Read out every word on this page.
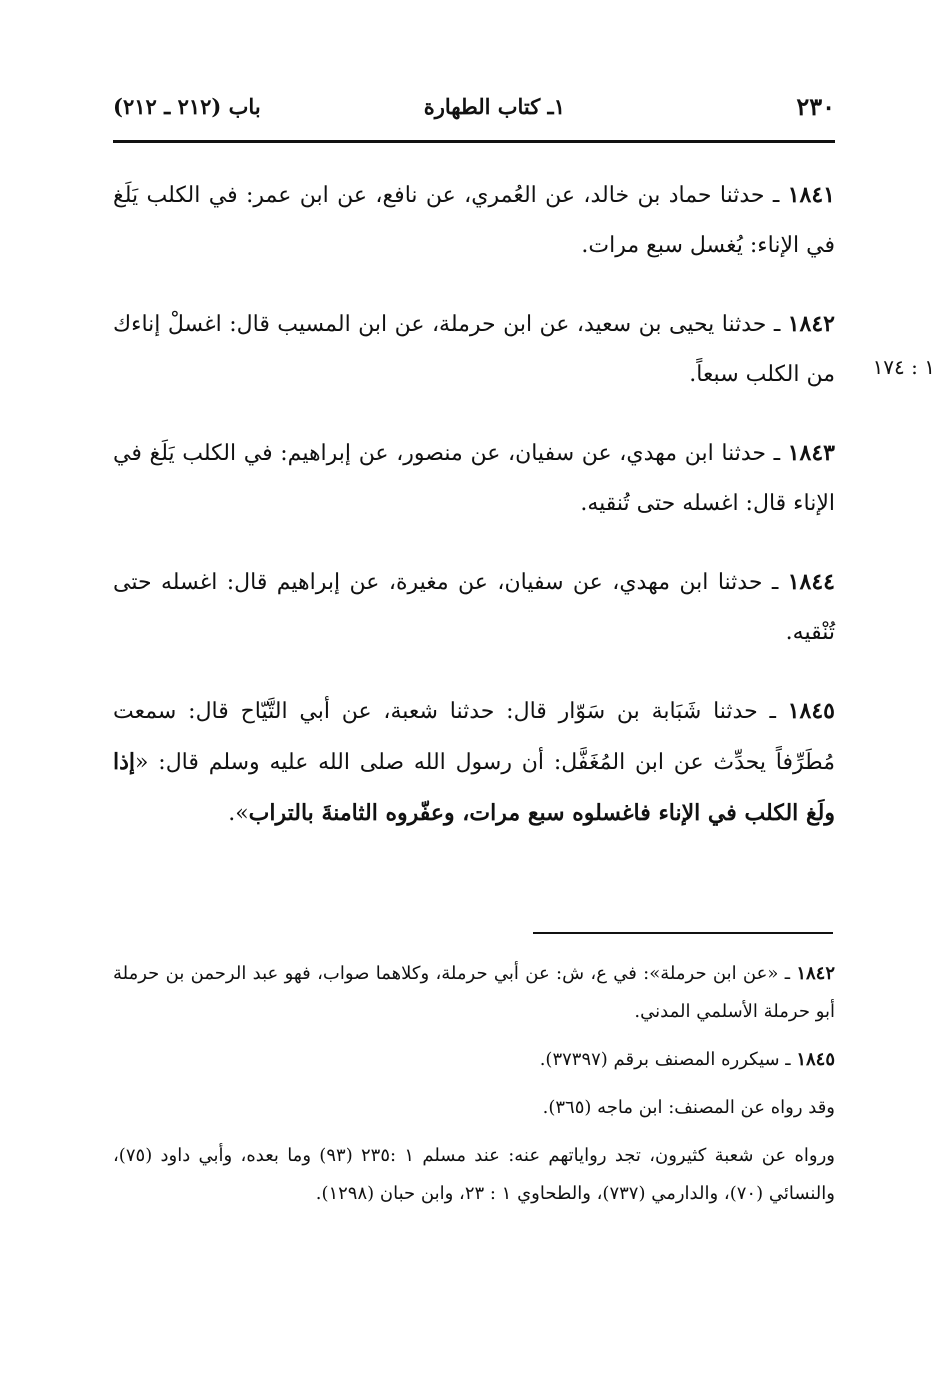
٢٣٠
١ـ كتاب الطهارة
باب (٢١٢ ـ ٢١٢)
١ : ١٧٤

١٨٤١ ـ حدثنا حماد بن خالد، عن العُمري، عن نافع، عن ابن عمر: في الكلب يَلَغ في الإناء: يُغسل سبع مرات.

١٨٤٢ ـ حدثنا يحيى بن سعيد، عن ابن حرملة، عن ابن المسيب قال: اغسلْ إناءك من الكلب سبعاً.

١٨٤٣ ـ حدثنا ابن مهدي، عن سفيان، عن منصور، عن إبراهيم: في الكلب يَلَغ في الإناء قال: اغسله حتى تُنقيه.

١٨٤٤ ـ حدثنا ابن مهدي، عن سفيان، عن مغيرة، عن إبراهيم قال: اغسله حتى تُنْقيه.

١٨٤٥ ـ حدثنا شَبَابة بن سَوّار قال: حدثنا شعبة، عن أبي التَّيّاح قال: سمعت مُطَرِّفاً يحدِّث عن ابن المُغَفَّل: أن رسول الله صلى الله عليه وسلم قال: «إذا ولَغ الكلب في الإناء فاغسلوه سبع مرات، وعفّروه الثامنةَ بالتراب».

١٨٤٢ ـ «عن ابن حرملة»: في ع، ش: عن أبي حرملة، وكلاهما صواب، فهو عبد الرحمن بن حرملة أبو حرملة الأسلمي المدني.

١٨٤٥ ـ سيكرره المصنف برقم (٣٧٣٩٧).

وقد رواه عن المصنف: ابن ماجه (٣٦٥).

ورواه عن شعبة كثيرون، تجد رواياتهم عنه: عند مسلم ١ :٢٣٥ (٩٣) وما بعده، وأبي داود (٧٥)، والنسائي (٧٠)، والدارمي (٧٣٧)، والطحاوي ١ : ٢٣، وابن حبان (١٢٩٨).
